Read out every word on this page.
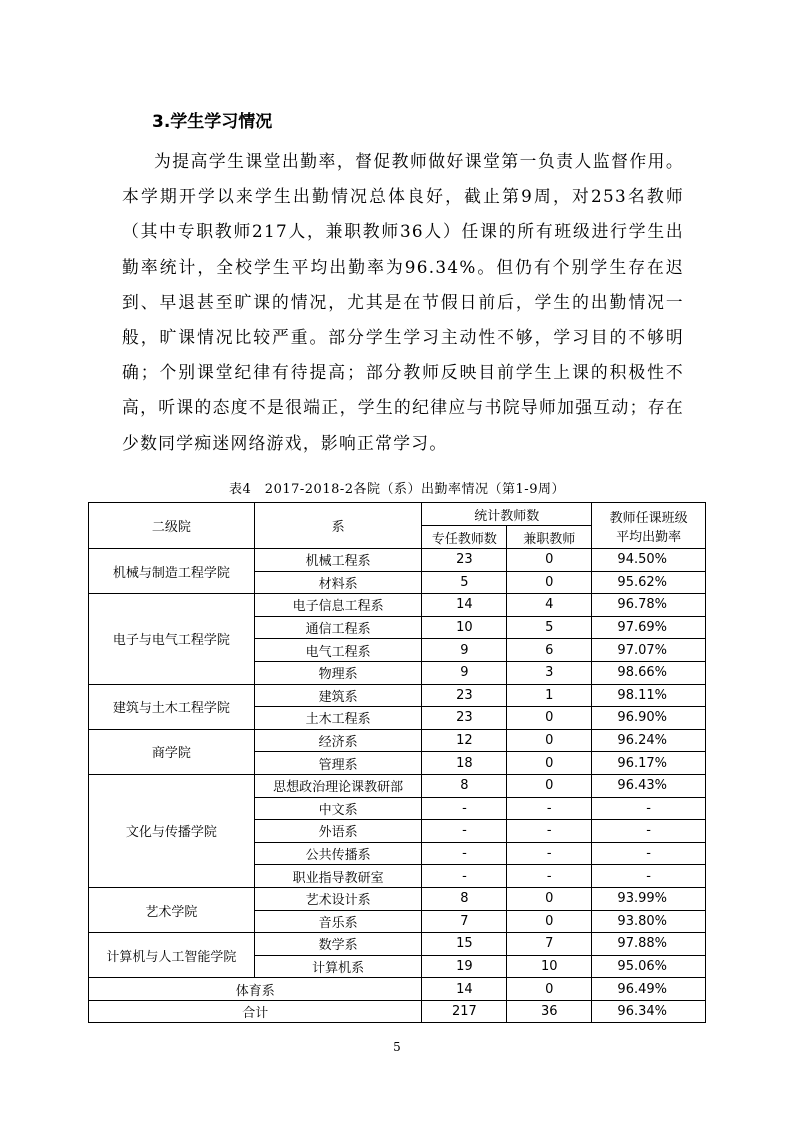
3.学生学习情况

为提高学生课堂出勤率，督促教师做好课堂第一负责人监督作用。本学期开学以来学生出勤情况总体良好，截止第9周，对253名教师（其中专职教师217人，兼职教师36人）任课的所有班级进行学生出勤率统计，全校学生平均出勤率为96.34%。但仍有个别学生存在迟到、早退甚至旷课的情况，尤其是在节假日前后，学生的出勤情况一般，旷课情况比较严重。部分学生学习主动性不够，学习目的不够明确；个别课堂纪律有待提高；部分教师反映目前学生上课的积极性不高，听课的态度不是很端正，学生的纪律应与书院导师加强互动；存在少数同学痴迷网络游戏，影响正常学习。

表4　2017-2018-2各院（系）出勤率情况（第1-9周）
二级院	系	统计教师数		教师任课班级
平均出勤率

		专任教师数	兼职教师	
机械与制造工程学院	机械工程系	23	0	94.50%
	材料系	5	0	95.62%
电子与电气工程学院	电子信息工程系	14	4	96.78%
	通信工程系	10	5	97.69%
	电气工程系	9	6	97.07%
	物理系	9	3	98.66%
建筑与土木工程学院	建筑系	23	1	98.11%
	土木工程系	23	0	96.90%
商学院	经济系	12	0	96.24%
	管理系	18	0	96.17%
文化与传播学院	思想政治理论课教研部	8	0	96.43%
	中文系	-	-	-
	外语系	-	-	-
	公共传播系	-	-	-
	职业指导教研室	-	-	-
艺术学院	艺术设计系	8	0	93.99%
	音乐系	7	0	93.80%
计算机与人工智能学院	数学系	15	7	97.88%
	计算机系	19	10	95.06%
体育系		14	0	96.49%
合计		217	36	96.34%
5
